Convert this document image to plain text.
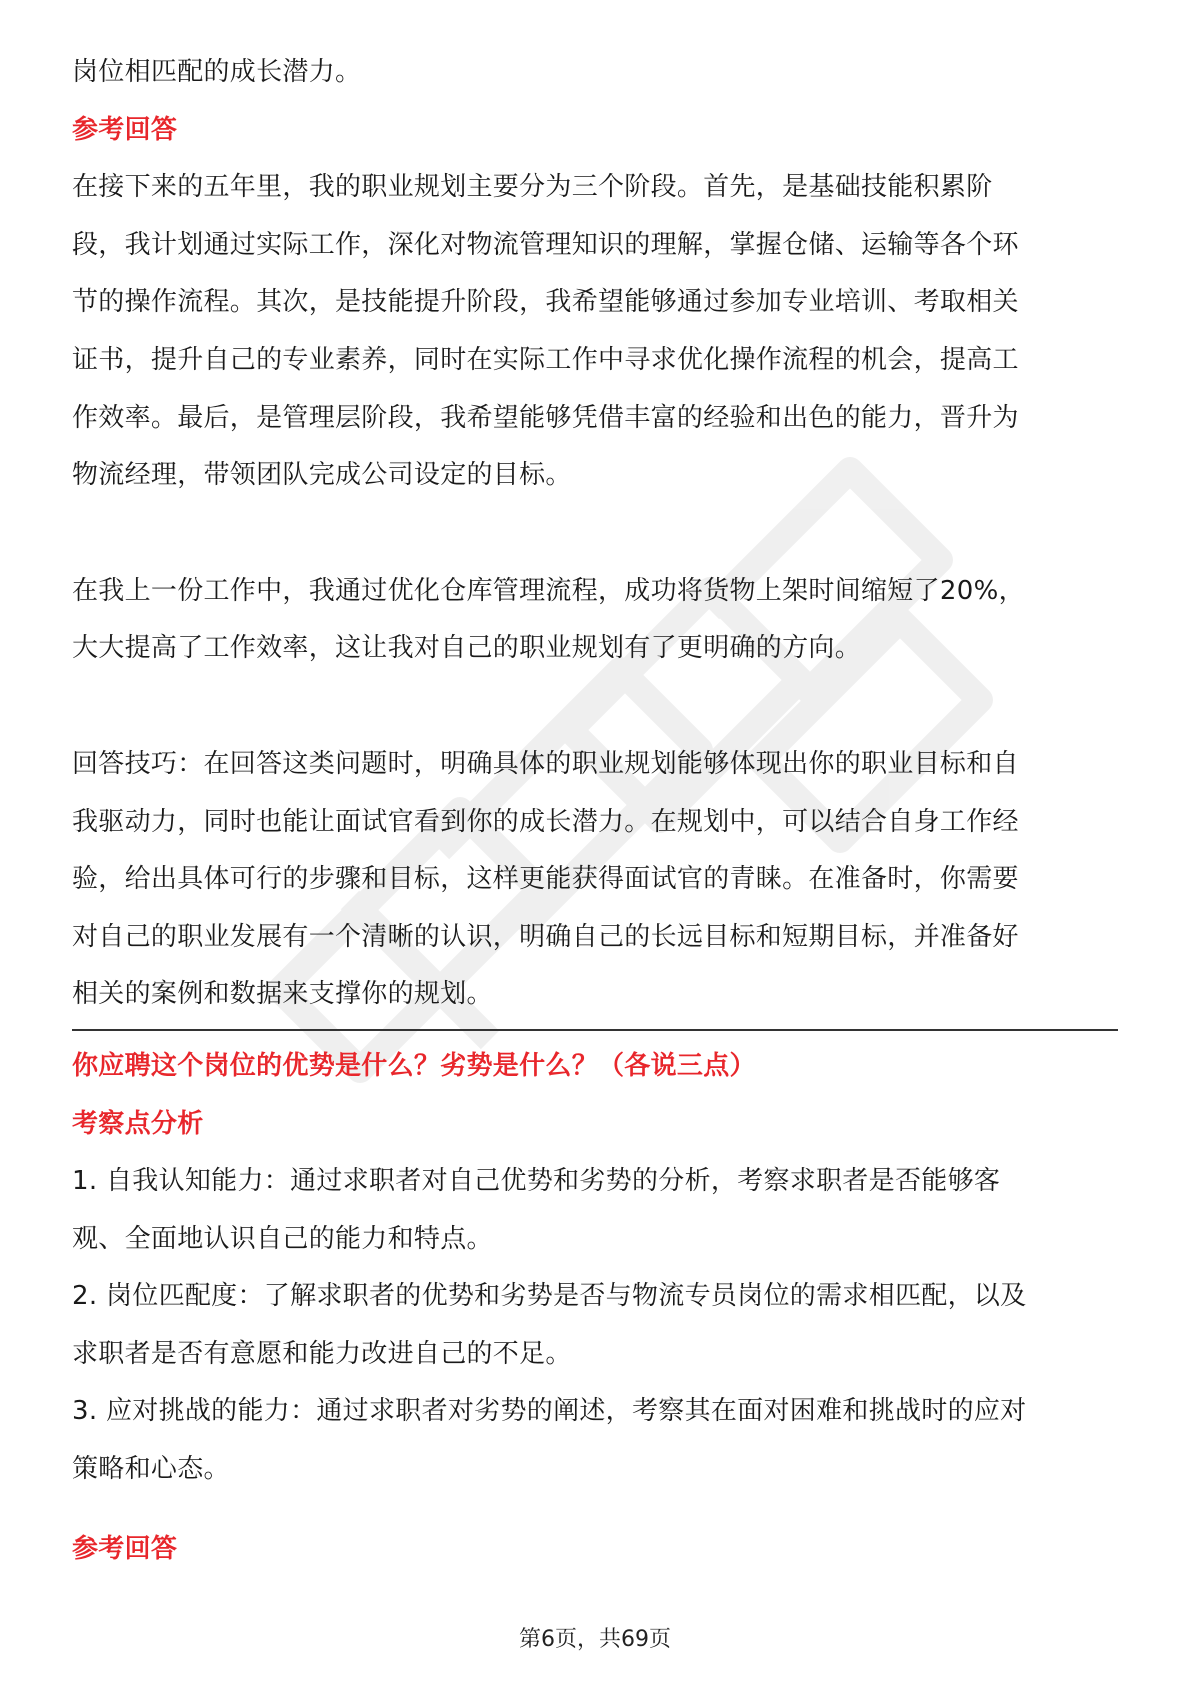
岗位相匹配的成长潜力。
参考回答
在接下来的五年里，我的职业规划主要分为三个阶段。首先，是基础技能积累阶
段，我计划通过实际工作，深化对物流管理知识的理解，掌握仓储、运输等各个环
节的操作流程。其次，是技能提升阶段，我希望能够通过参加专业培训、考取相关
证书，提升自己的专业素养，同时在实际工作中寻求优化操作流程的机会，提高工
作效率。最后，是管理层阶段，我希望能够凭借丰富的经验和出色的能力，晋升为
物流经理，带领团队完成公司设定的目标。
在我上一份工作中，我通过优化仓库管理流程，成功将货物上架时间缩短了20%，
大大提高了工作效率，这让我对自己的职业规划有了更明确的方向。
回答技巧：在回答这类问题时，明确具体的职业规划能够体现出你的职业目标和自
我驱动力，同时也能让面试官看到你的成长潜力。在规划中，可以结合自身工作经
验，给出具体可行的步骤和目标，这样更能获得面试官的青睐。在准备时，你需要
对自己的职业发展有一个清晰的认识，明确自己的长远目标和短期目标，并准备好
相关的案例和数据来支撑你的规划。
你应聘这个岗位的优势是什么？劣势是什么？（各说三点）
考察点分析
1. 自我认知能力：通过求职者对自己优势和劣势的分析，考察求职者是否能够客
观、全面地认识自己的能力和特点。
2. 岗位匹配度：了解求职者的优势和劣势是否与物流专员岗位的需求相匹配，以及
求职者是否有意愿和能力改进自己的不足。
3. 应对挑战的能力：通过求职者对劣势的阐述，考察其在面对困难和挑战时的应对
策略和心态。
参考回答
第6页，共69页
